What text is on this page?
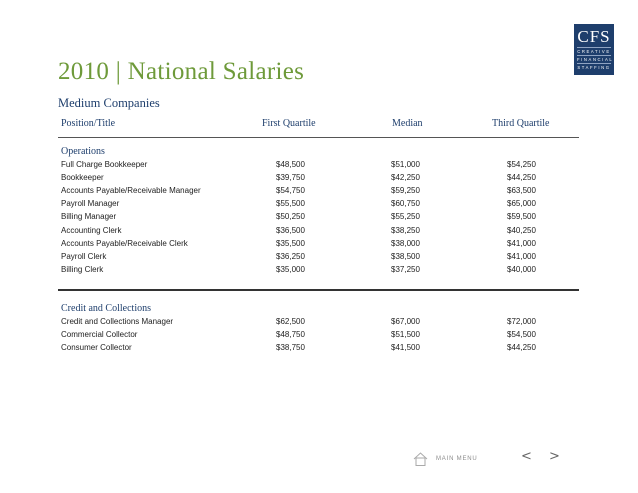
CFS
CREATIVE
FINANCIAL
STAFFING
2010 | National Salaries
Medium Companies
Position/Title	First Quartile	Median	Third Quartile
Operations
Full Charge Bookkeeper	$48,500	$51,000	$54,250
Bookkeeper	$39,750	$42,250	$44,250
Accounts Payable/Receivable Manager	$54,750	$59,250	$63,500
Payroll Manager	$55,500	$60,750	$65,000
Billing Manager	$50,250	$55,250	$59,500
Accounting Clerk	$36,500	$38,250	$40,250
Accounts Payable/Receivable Clerk	$35,500	$38,000	$41,000
Payroll Clerk	$36,250	$38,500	$41,000
Billing Clerk	$35,000	$37,250	$40,000
Credit and Collections
Credit and Collections Manager	$62,500	$67,000	$72,000
Commercial Collector	$48,750	$51,500	$54,500
Consumer Collector	$38,750	$41,500	$44,250
MAIN MENU	< >
